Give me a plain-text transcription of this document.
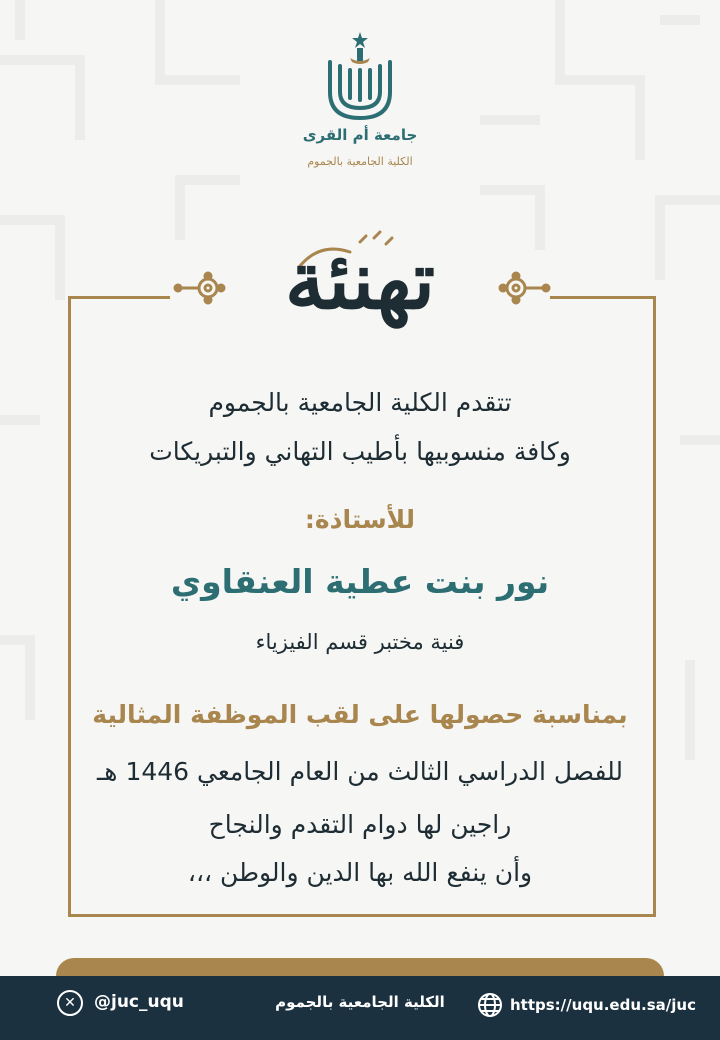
جامعة أم القرى
الكلية الجامعية بالجموم
تهنئة
تتقدم الكلية الجامعية بالجموم
وكافة منسوبيها بأطيب التهاني والتبريكات
للأستاذة:
نور بنت عطية العنقاوي
فنية مختبر قسم الفيزياء
بمناسبة حصولها على لقب الموظفة المثالية
للفصل الدراسي الثالث من العام الجامعي 1446 هـ
راجين لها دوام التقدم والنجاح
وأن ينفع الله بها الدين والوطن ،،،
✕	@juc_uqu	الكلية الجامعية بالجموم	https://uqu.edu.sa/juc
